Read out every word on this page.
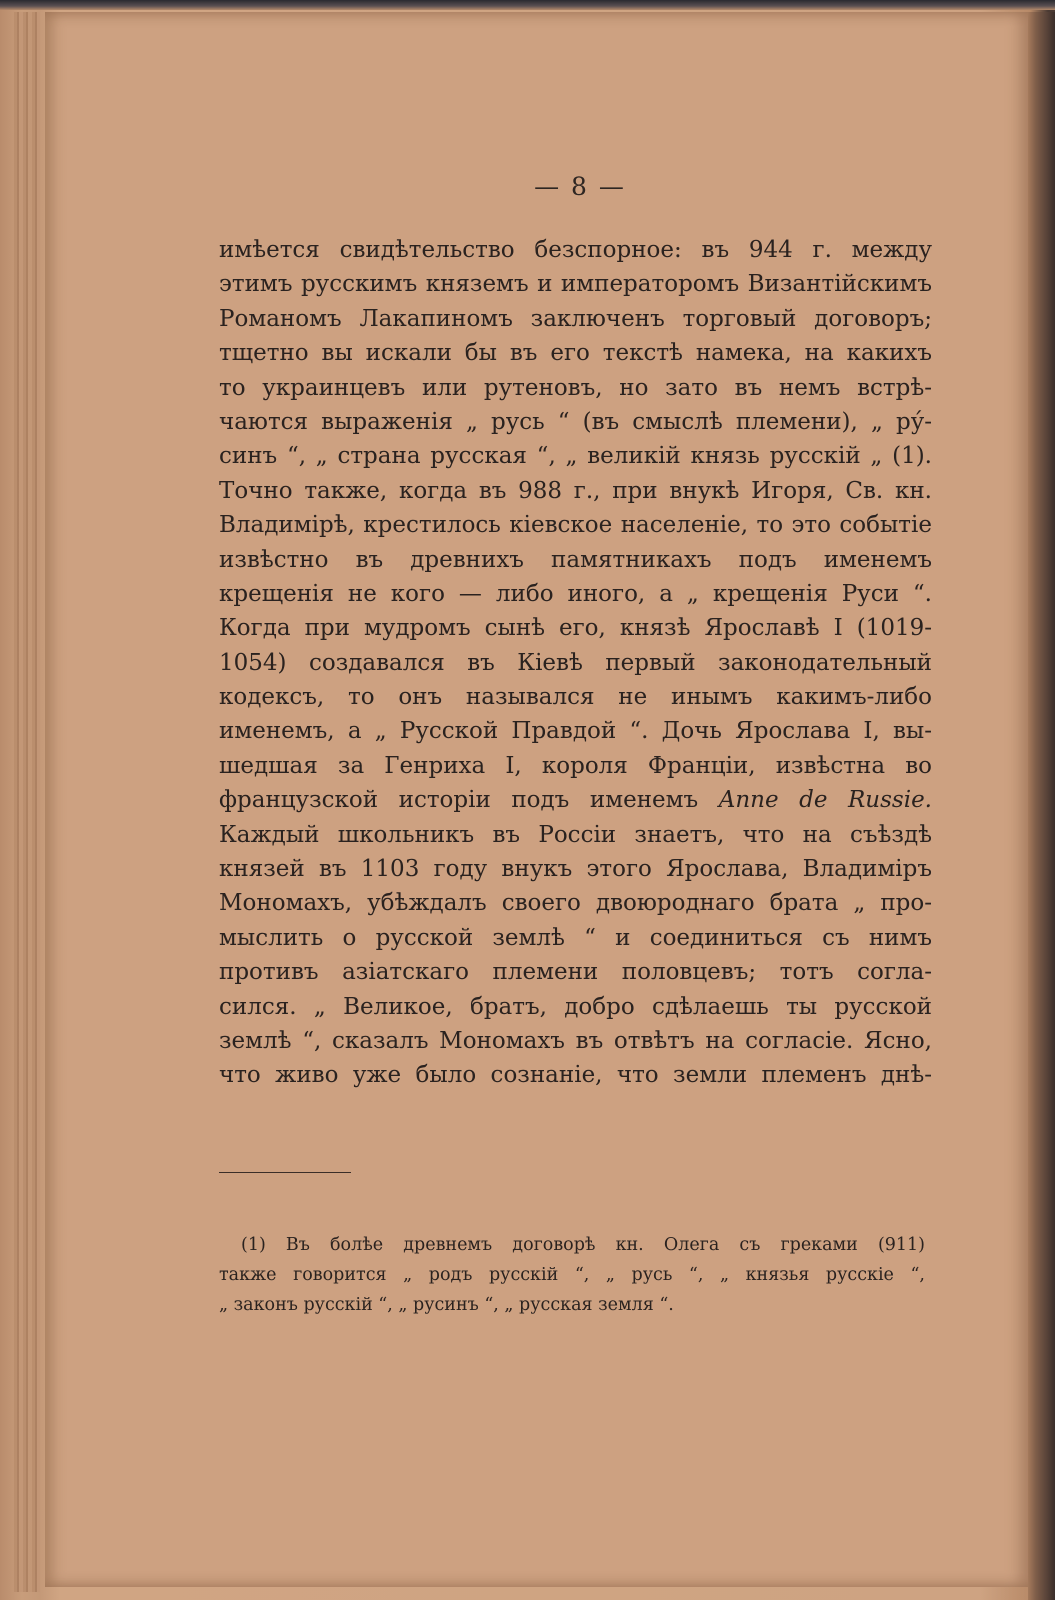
— 8 —
имѣется свидѣтельство безспорное: въ 944 г. между
этимъ русскимъ княземъ и императоромъ Византійскимъ
Романомъ Лакапиномъ заключенъ торговый договоръ;
тщетно вы искали бы въ его текстѣ намека, на какихъ
то украинцевъ или рутеновъ, но зато въ немъ встрѣ-
чаются выраженія „ русь “ (въ смыслѣ племени), „ ру́-
синъ “, „ страна русская “, „ великій князь русскій „ (1).
Точно также, когда въ 988 г., при внукѣ Игоря, Св. кн.
Владимірѣ, крестилось кіевское населеніе, то это событіе
извѣстно въ древнихъ памятникахъ подъ именемъ
крещенія не кого — либо иного, а „ крещенія Руси “.
Когда при мудромъ сынѣ его, князѣ Ярославѣ I (1019-
1054) создавался въ Кіевѣ первый законодательный
кодексъ, то онъ назывался не инымъ какимъ-либо
именемъ, а „ Русской Правдой “. Дочь Ярослава I, вы-
шедшая за Генриха I, короля Франціи, извѣстна во
французской исторіи подъ именемъ Anne de Russie.
Каждый школьникъ въ Россіи знаетъ, что на съѣздѣ
князей въ 1103 году внукъ этого Ярослава, Владиміръ
Мономахъ, убѣждалъ своего двоюроднаго брата „ про-
мыслить о русской землѣ “ и соединиться съ нимъ
противъ азіатскаго племени половцевъ; тотъ согла-
сился. „ Великое, братъ, добро сдѣлаешь ты русской
землѣ “, сказалъ Мономахъ въ отвѣтъ на согласіе. Ясно,
что живо уже было сознаніе, что земли племенъ днѣ-
(1) Въ болѣе древнемъ договорѣ кн. Олега съ греками (911)
также говорится „ родъ русскій “, „ русь “, „ князья русскіе “,
„ законъ русскій “, „ русинъ “, „ русская земля “.
